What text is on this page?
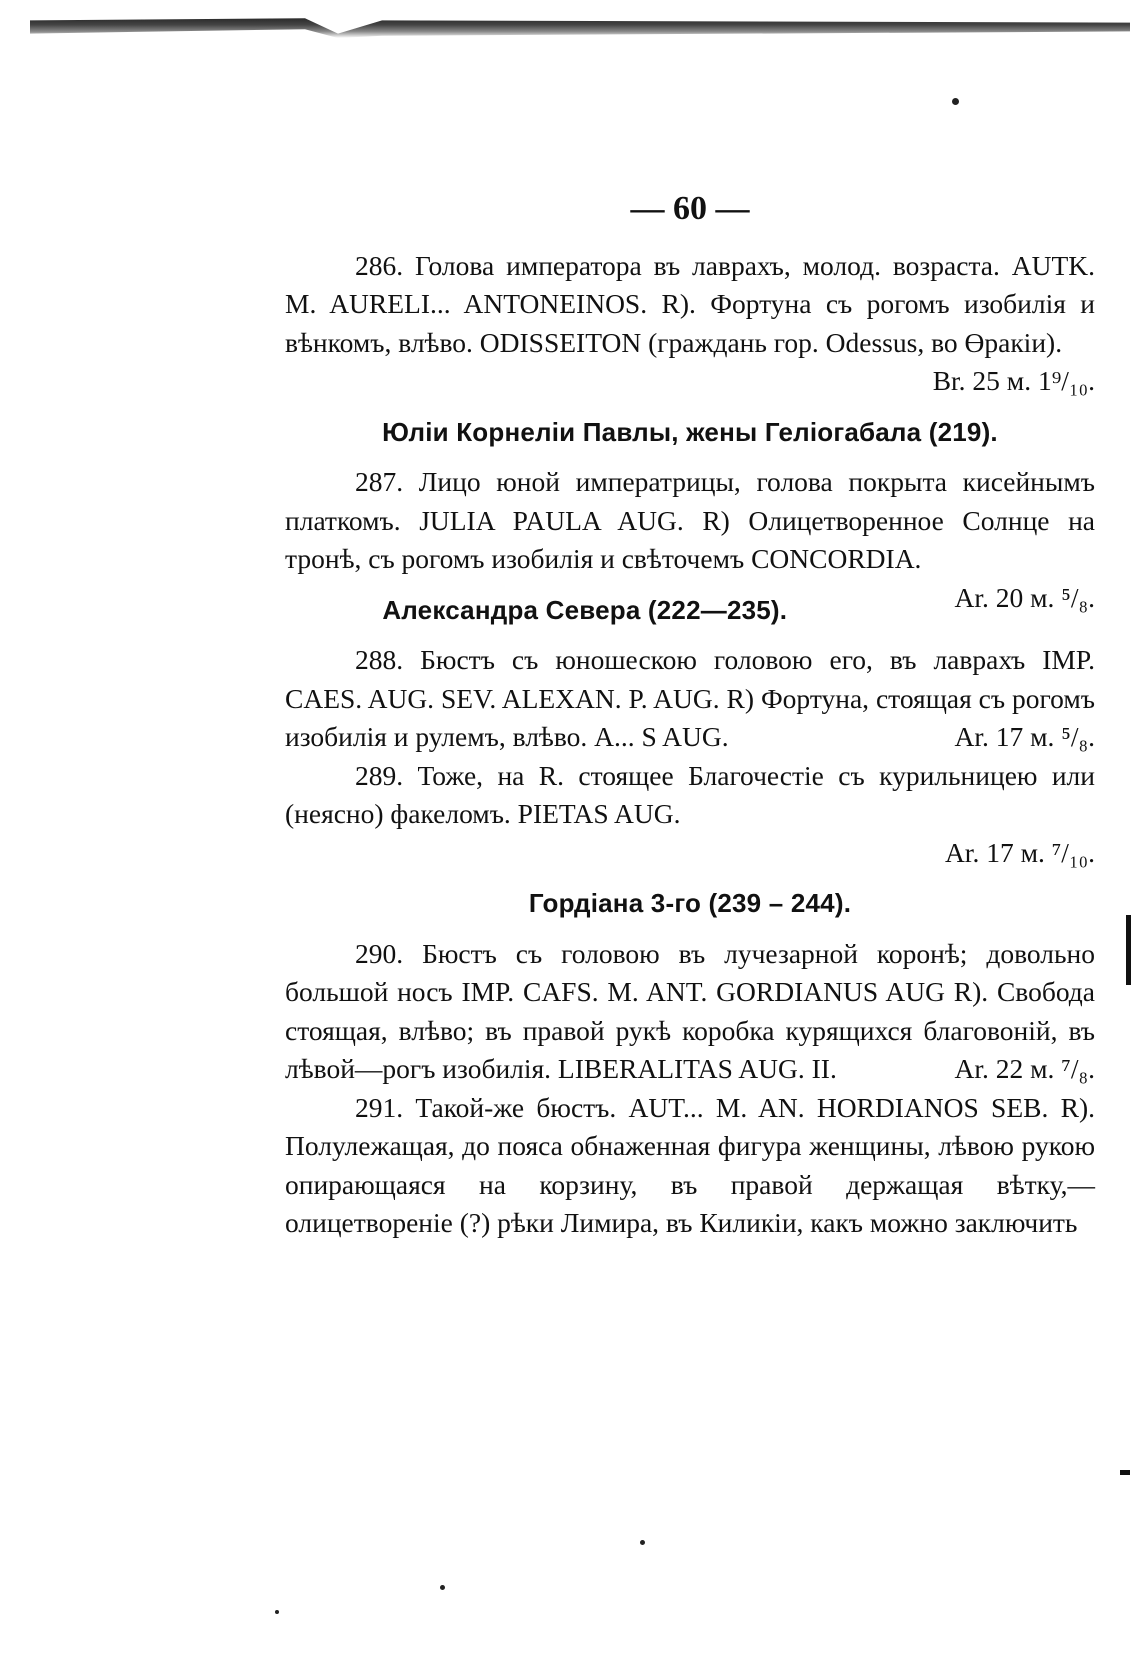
— 60 —

286. Голова императора въ лаврахъ, молод. возраста. AUTK. M. AURELI... ANTONEINOS. R). Фортуна съ рогомъ изобилія и вѣнкомъ, влѣво. ODISSEITON (граждань гор. Odessus, во Өракіи).

Br. 25 м. 1⁹/₁₀.

Юліи Корнеліи Павлы, жены Геліогабала (219).

287. Лицо юной императрицы, голова покрыта кисейнымъ платкомъ. JULIA PAULA AUG. R) Олицетворенное Солнце на тронѣ, съ рогомъ изобилія и свѣточемъ CONCORDIA.
Ar. 20 м. ⁵/₈.

Александра Севера (222—235).

288. Бюстъ съ юношескою головою его, въ лаврахъ IMP. CAES. AUG. SEV. ALEXAN. P. AUG. R) Фортуна, стоящая съ рогомъ изобилія и рулемъ, влѣво. A... S AUG.	Ar. 17 м. ⁵/₈.

289. Тоже, на R. стоящее Благочестіе съ курильницею или (неясно) факеломъ. PIETAS AUG.

Ar. 17 м. ⁷/₁₀.

Гордіана 3-го (239 – 244).

290. Бюстъ съ головою въ лучезарной коронѣ; довольно большой носъ IMP. CAFS. M. ANT. GORDIANUS AUG R). Свобода стоящая, влѣво; въ правой рукѣ коробка курящихся благовоній, въ лѣвой—рогъ изобилія. LIBERALITAS AUG. II.	Ar. 22 м. ⁷/₈.

291. Такой-же бюстъ. AUT... M. AN. HORDIANOS SEB. R). Полулежащая, до пояса обнаженная фигура женщины, лѣвою рукою опирающаяся на корзину, въ правой держащая вѣтку,—олицетвореніе (?) рѣки Лимира, въ Киликіи, какъ можно заключить
